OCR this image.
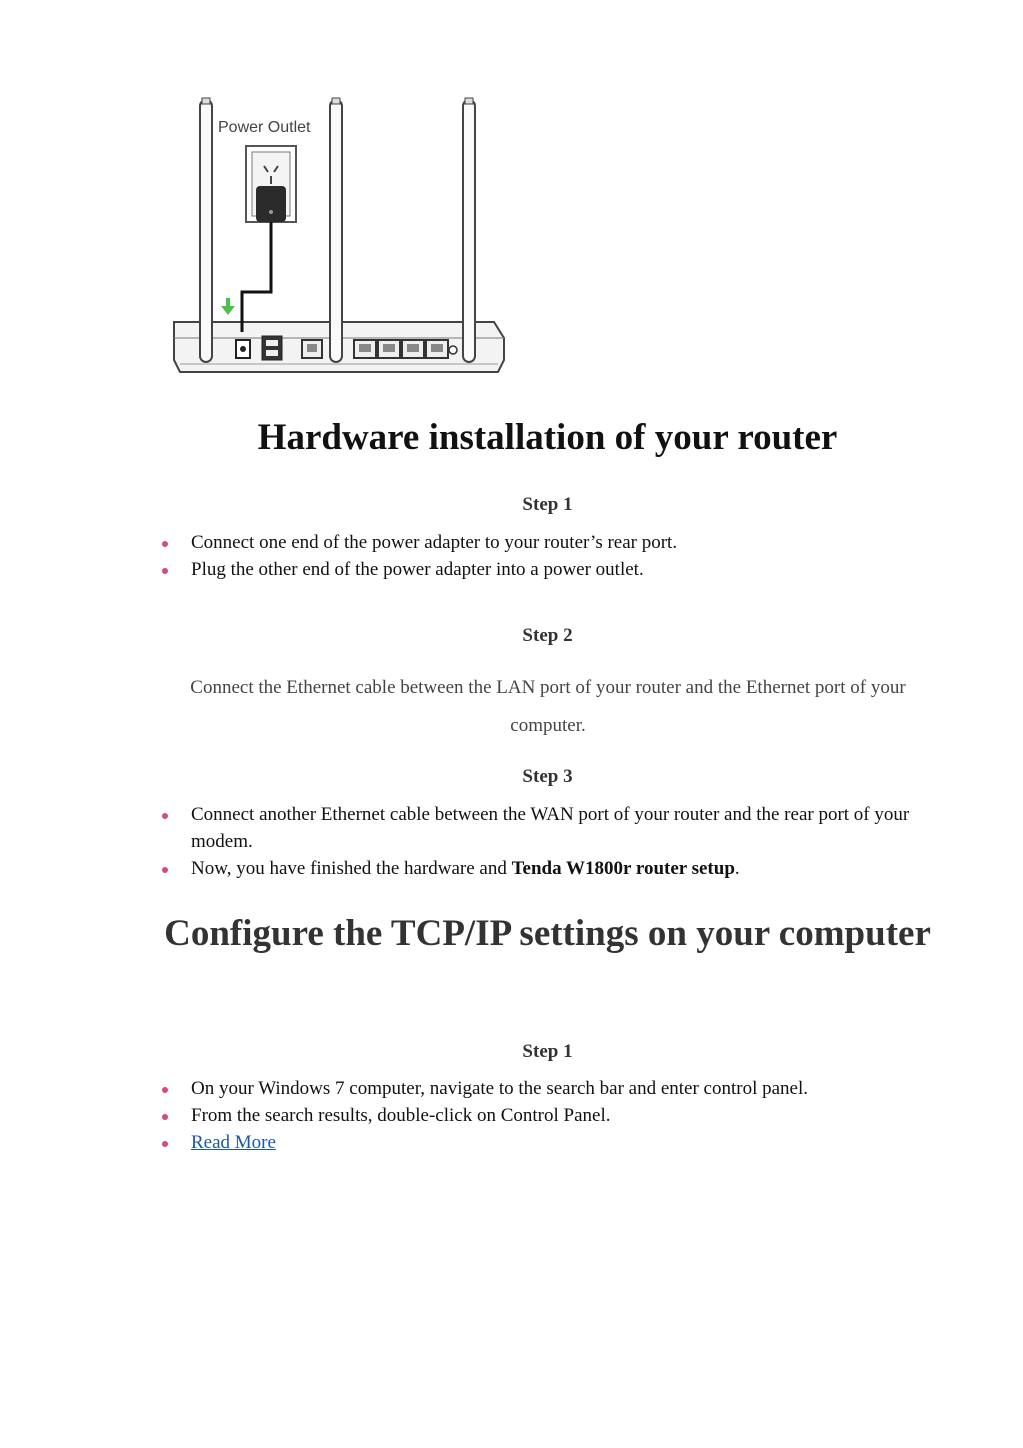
Power Outlet
Hardware installation of your router
Step 1
Connect one end of the power adapter to your router’s rear port.
Plug the other end of the power adapter into a power outlet.
Step 2

Connect the Ethernet cable between the LAN port of your router and the Ethernet port of your computer.

Step 3
Connect another Ethernet cable between the WAN port of your router and the rear port of your modem.
Now, you have finished the hardware and Tenda W1800r router setup.
Configure the TCP/IP settings on your computer
Step 1
On your Windows 7 computer, navigate to the search bar and enter control panel.
From the search results, double-click on Control Panel.
Read More
